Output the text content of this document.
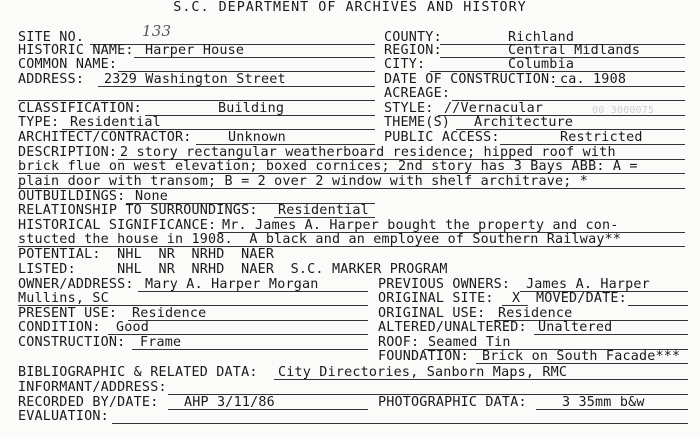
S.C. DEPARTMENT OF ARCHIVES AND HISTORY
SITE NO.	133	COUNTY:	Richland
HISTORIC NAME: Harper House	REGION:	Central Midlands
COMMON NAME:	CITY:	Columbia
ADDRESS: 2329 Washington Street	DATE OF CONSTRUCTION: ca. 1908
ACREAGE:
CLASSIFICATION:	Building	STYLE: //Vernacular	00 3000075
TYPE: Residential	THEME(S) Architecture
ARCHITECT/CONTRACTOR:	Unknown	PUBLIC ACCESS:	Restricted
DESCRIPTION: 2 story rectangular weatherboard residence; hipped roof with
brick flue on west elevation; boxed cornices; 2nd story has 3 Bays ABB: A =
plain door with transom; B = 2 over 2 window with shelf architrave; *
OUTBUILDINGS: None
RELATIONSHIP TO SURROUNDINGS: Residential
HISTORICAL SIGNIFICANCE: Mr. James A. Harper bought the property and con-
stucted the house in 1908.  A black and an employee of Southern Railway**
POTENTIAL:  NHL  NR  NRHD  NAER
LISTED:     NHL  NR  NRHD  NAER  S.C. MARKER PROGRAM
OWNER/ADDRESS: Mary A. Harper Morgan	PREVIOUS OWNERS: James A. Harper
Mullins, SC	ORIGINAL SITE: X MOVED/DATE:
PRESENT USE: Residence	ORIGINAL USE: Residence
CONDITION: Good	ALTERED/UNALTERED: Unaltered
CONSTRUCTION: Frame	ROOF: Seamed Tin
FOUNDATION: Brick on South Facade***
BIBLIOGRAPHIC & RELATED DATA: City Directories, Sanborn Maps, RMC
INFORMANT/ADDRESS:
RECORDED BY/DATE: AHP 3/11/86	PHOTOGRAPHIC DATA:	3 35mm b&w
EVALUATION:
